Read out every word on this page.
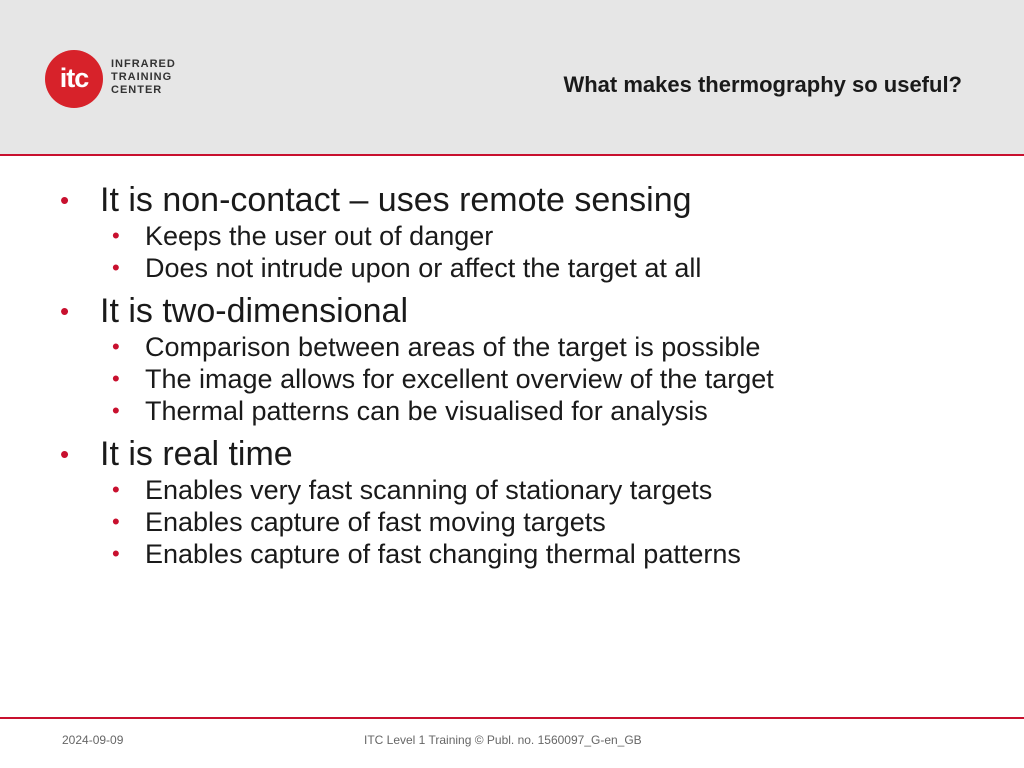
itc	INFRARED
TRAINING
CENTER	What makes thermography so useful?
• It is non-contact – uses remote sensing
• Keeps the user out of danger
• Does not intrude upon or affect the target at all
• It is two-dimensional
• Comparison between areas of the target is possible
• The image allows for excellent overview of the target
• Thermal patterns can be visualised for analysis
• It is real time
• Enables very fast scanning of stationary targets
• Enables capture of fast moving targets
• Enables capture of fast changing thermal patterns
2024-09-09	ITC Level 1 Training © Publ. no. 1560097_G-en_GB
